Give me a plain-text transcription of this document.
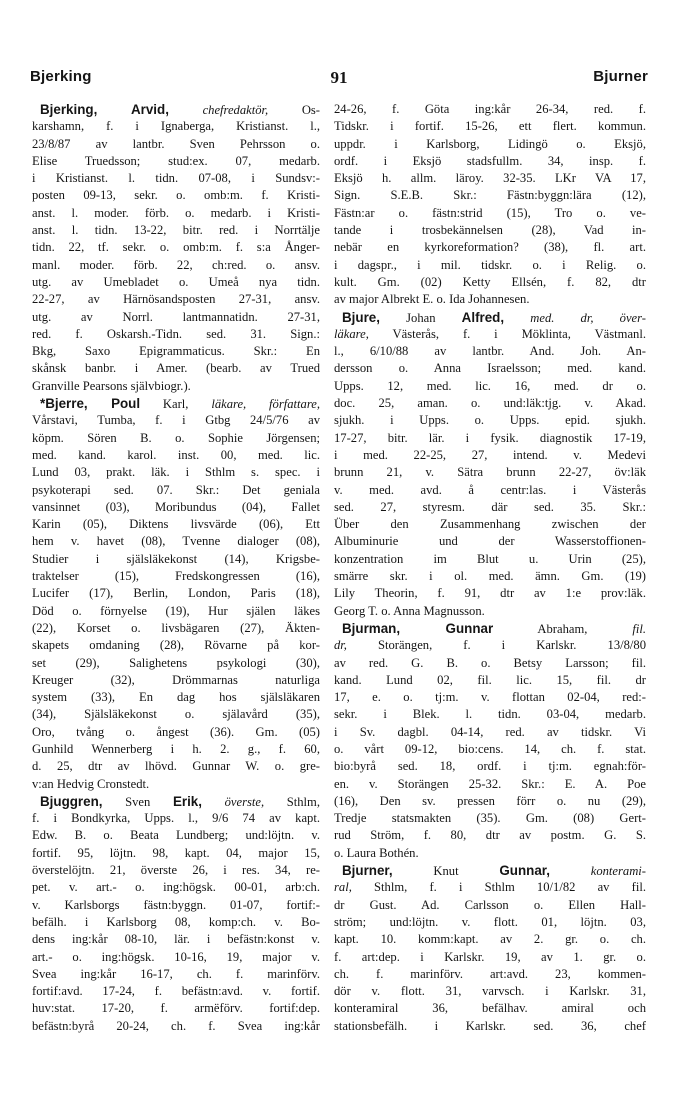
Bjerking	91	Bjurner
Bjerking, Arvid,	chefredaktör, Os-
karshamn, f. i Ignaberga, Kristianst. l.,
23/8/87 av lantbr. Sven Pehrsson o.
Elise Truedsson; stud:ex. 07, medarb.
i Kristianst. l. tidn. 07-08, i Sundsv:-
posten 09-13, sekr. o. omb:m. f. Kristi-
anst. l. moder. förb. o. medarb. i Kristi-
anst. l. tidn. 13-22, bitr. red. i Norrtälje
tidn. 22, tf. sekr. o. omb:m. f. s:a Ånger-
manl. moder. förb. 22, ch:red. o. ansv.
utg. av Umebladet o. Umeå nya tidn.
22-27, av Härnösandsposten 27-31, ansv.
utg. av Norrl. lantmannatidn. 27-31,
red. f. Oskarsh.-Tidn. sed. 31. Sign.:
Bkg, Saxo Epigrammaticus. Skr.: En
skånsk banbr. i Amer. (bearb. av Trued
Granville Pearsons självbiogr.).
*Bjerre, Poul Karl, läkare, författare,
Vårstavi, Tumba, f. i Gtbg 24/5/76 av
köpm. Sören B. o. Sophie Jörgensen;
med. kand. karol. inst. 00, med. lic.
Lund 03, prakt. läk. i Sthlm s. spec. i
psykoterapi sed. 07. Skr.: Det geniala
vansinnet (03), Moribundus (04), Fallet
Karin (05), Diktens livsvärde (06), Ett
hem v. havet (08), Tvenne dialoger (08),
Studier i själsläkekonst (14), Krigsbe-
traktelser (15), Fredskongressen (16),
Lucifer (17), Berlin, London, Paris (18),
Död o. förnyelse (19), Hur själen läkes
(22), Korset o. livsbägaren (27), Äkten-
skapets omdaning (28), Rövarne på kor-
set (29), Salighetens psykologi (30),
Kreuger (32), Drömmarnas naturliga
system (33), En dag hos själsläkaren
(34), Själsläkekonst o. själavård (35),
Oro, tvång o. ångest (36). Gm. (05)
Gunhild Wennerberg i h. 2. g., f. 60,
d. 25, dtr av lhövd. Gunnar W. o. gre-
v:an Hedvig Cronstedt.
Bjuggren, Sven Erik, överste, Sthlm,
f. i Bondkyrka, Upps. l., 9/6 74 av kapt.
Edw. B. o. Beata Lundberg; und:löjtn. v.
fortif. 95, löjtn. 98, kapt. 04, major 15,
överstelöjtn. 21, överste 26, i res. 34, re-
pet. v. art.- o. ing:högsk. 00-01, arb:ch.
v. Karlsborgs fästn:byggn. 01-07, fortif:-
befälh. i Karlsborg 08, komp:ch. v. Bo-
dens ing:kår 08-10, lär. i befästn:konst v.
art.- o. ing:högsk. 10-16, 19, major v.
Svea ing:kår 16-17, ch. f. marinförv.
fortif:avd. 17-24, f. befästn:avd. v. fortif.
huv:stat. 17-20, f. armëförv. fortif:dep.
befästn:byrå 20-24, ch. f. Svea ing:kår
24-26, f. Göta ing:kår 26-34, red. f.
Tidskr. i fortif. 15-26, ett flert. kommun.
uppdr. i Karlsborg, Lidingö o. Eksjö,
ordf. i Eksjö stadsfullm. 34, insp. f.
Eksjö h. allm. läroy. 32-35. LKr VA 17,
Sign. S.E.B. Skr.: Fästn:byggn:lära (12),
Fästn:ar o. fästn:strid (15), Tro o. ve-
tande i trosbekännelsen (28), Vad in-
nebär en kyrkoreformation? (38), fl. art.
i dagspr., i mil. tidskr. o. i Relig. o.
kult. Gm. (02) Ketty Ellsén, f. 82, dtr
av major Albrekt E. o. Ida Johannesen.
Bjure, Johan Alfred, med. dr, över-
läkare, Västerås, f. i Möklinta, Västmanl.
l., 6/10/88 av lantbr. And. Joh. An-
dersson o. Anna Israelsson; med. kand.
Upps. 12, med. lic. 16, med. dr o.
doc. 25, aman. o. und:läk:tjg. v. Akad.
sjukh. i Upps. o. Upps. epid. sjukh.
17-27, bitr. lär. i fysik. diagnostik 17-19,
i med. 22-25, 27, intend. v. Medevi
brunn 21, v. Sätra brunn 22-27, öv:läk
v. med. avd. å centr:las. i Västerås
sed. 27, styresm. där sed. 35. Skr.:
Über den Zusammenhang zwischen der
Albuminurie und der Wasserstoffionen-
konzentration im Blut u. Urin (25),
smärre skr. i ol. med. ämn. Gm. (19)
Lily Theorin, f. 91, dtr av 1:e prov:läk.
Georg T. o. Anna Magnusson.
Bjurman, Gunnar Abraham, fil.
dr, Storängen, f. i Karlskr. 13/8/80
av red. G. B. o. Betsy Larsson; fil.
kand. Lund 02, fil. lic. 15, fil. dr
17, e. o. tj:m. v. flottan 02-04, red:-
sekr. i Blek. l. tidn. 03-04, medarb.
i Sv. dagbl. 04-14, red. av tidskr. Vi
o. vårt 09-12, bio:cens. 14, ch. f. stat.
bio:byrå sed. 18, ordf. i tj:m. egnah:för-
en. v. Storängen 25-32. Skr.: E. A. Poe
(16), Den sv. pressen förr o. nu (29),
Tredje statsmakten (35). Gm. (08) Gert-
rud Ström, f. 80, dtr av postm. G. S.
o. Laura Bothén.
Bjurner, Knut Gunnar,	konterami-
ral, Sthlm, f. i Sthlm 10/1/82 av fil.
dr Gust. Ad. Carlsson o. Ellen Hall-
ström; und:löjtn. v. flott. 01, löjtn. 03,
kapt. 10. komm:kapt. av 2. gr. o. ch.
f. art:dep. i Karlskr. 19, av 1. gr. o.
ch. f. marinförv. art:avd. 23, kommen-
dör v. flott. 31, varvsch. i Karlskr. 31,
konteramiral 36, befälhav. amiral och
stationsbefälh. i Karlskr. sed. 36, chef
